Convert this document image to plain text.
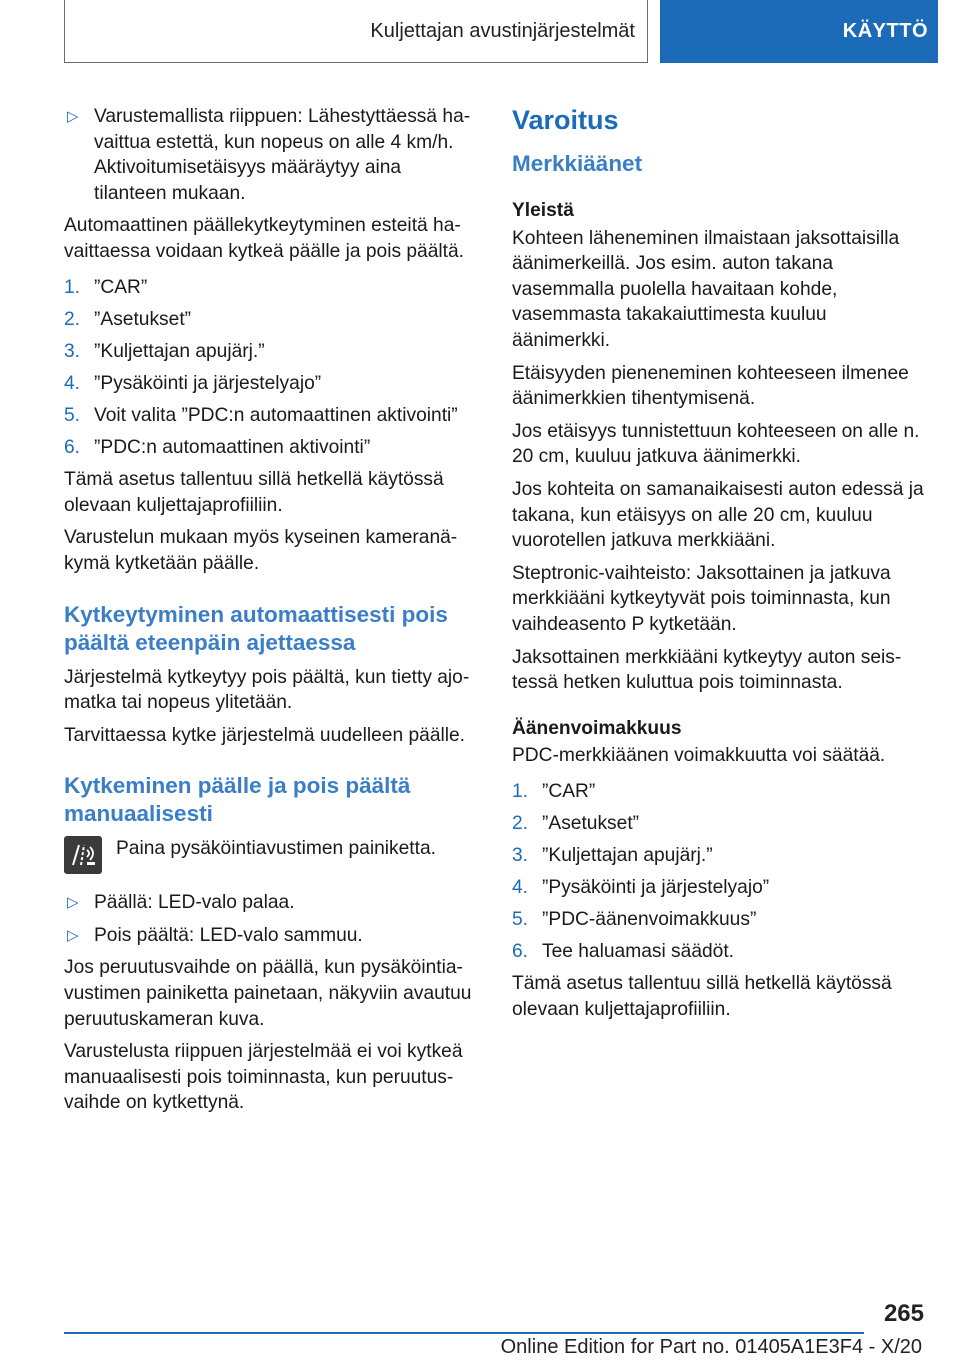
Kuljettajan avustinjärjestelmät	KÄYTTÖ
▷ Varustemallista riippuen: Lähestyttäessä havaittua estettä, kun nopeus on alle 4 km/h. Aktivoitumisetäisyys määräytyy aina tilanteen mukaan.

Automaattinen päällekytkeytyminen esteitä havaittaessa voidaan kytkeä päälle ja pois päältä.

1. ”CAR”
2. ”Asetukset”
3. ”Kuljettajan apujärj.”
4. ”Pysäköinti ja järjestelyajo”
5. Voit valita ”PDC:n automaattinen aktivointi”
6. ”PDC:n automaattinen aktivointi”

Tämä asetus tallentuu sillä hetkellä käytössä olevaan kuljettajaprofiiliin.

Varustelun mukaan myös kyseinen kameranäkymä kytketään päälle.

Kytkeytyminen automaattisesti pois päältä eteenpäin ajettaessa

Järjestelmä kytkeytyy pois päältä, kun tietty ajomatka tai nopeus ylitetään.

Tarvittaessa kytke järjestelmä uudelleen päälle.

Kytkeminen päälle ja pois päältä manuaalisesti
Paina pysäköintiavustimen painiketta.
▷ Päällä: LED-valo palaa.
▷ Pois päältä: LED-valo sammuu.

Jos peruutusvaihde on päällä, kun pysäköintiavustimen painiketta painetaan, näkyviin avautuu peruutuskameran kuva.

Varustelusta riippuen järjestelmää ei voi kytkeä manuaalisesti pois toiminnasta, kun peruutusvaihde on kytkettynä.

Varoitus
Merkkiäänet
Yleistä

Kohteen läheneminen ilmaistaan jaksottaisilla äänimerkeillä. Jos esim. auton takana vasemmalla puolella havaitaan kohde, vasemmasta takakaiuttimesta kuuluu äänimerkki.

Etäisyyden pieneneminen kohteeseen ilmenee äänimerkkien tihentymisenä.

Jos etäisyys tunnistettuun kohteeseen on alle n. 20 cm, kuuluu jatkuva äänimerkki.

Jos kohteita on samanaikaisesti auton edessä ja takana, kun etäisyys on alle 20 cm, kuuluu vuorotellen jatkuva merkkiääni.

Steptronic-vaihteisto: Jaksottainen ja jatkuva merkkiääni kytkeytyvät pois toiminnasta, kun vaihdeasento P kytketään.

Jaksottainen merkkiääni kytkeytyy auton seistessä hetken kuluttua pois toiminnasta.

Äänenvoimakkuus

PDC-merkkiäänen voimakkuutta voi säätää.

1. ”CAR”
2. ”Asetukset”
3. ”Kuljettajan apujärj.”
4. ”Pysäköinti ja järjestelyajo”
5. ”PDC-äänenvoimakkuus”
6. Tee haluamasi säädöt.

Tämä asetus tallentuu sillä hetkellä käytössä olevaan kuljettajaprofiiliin.

265
Online Edition for Part no. 01405A1E3F4 - X/20
